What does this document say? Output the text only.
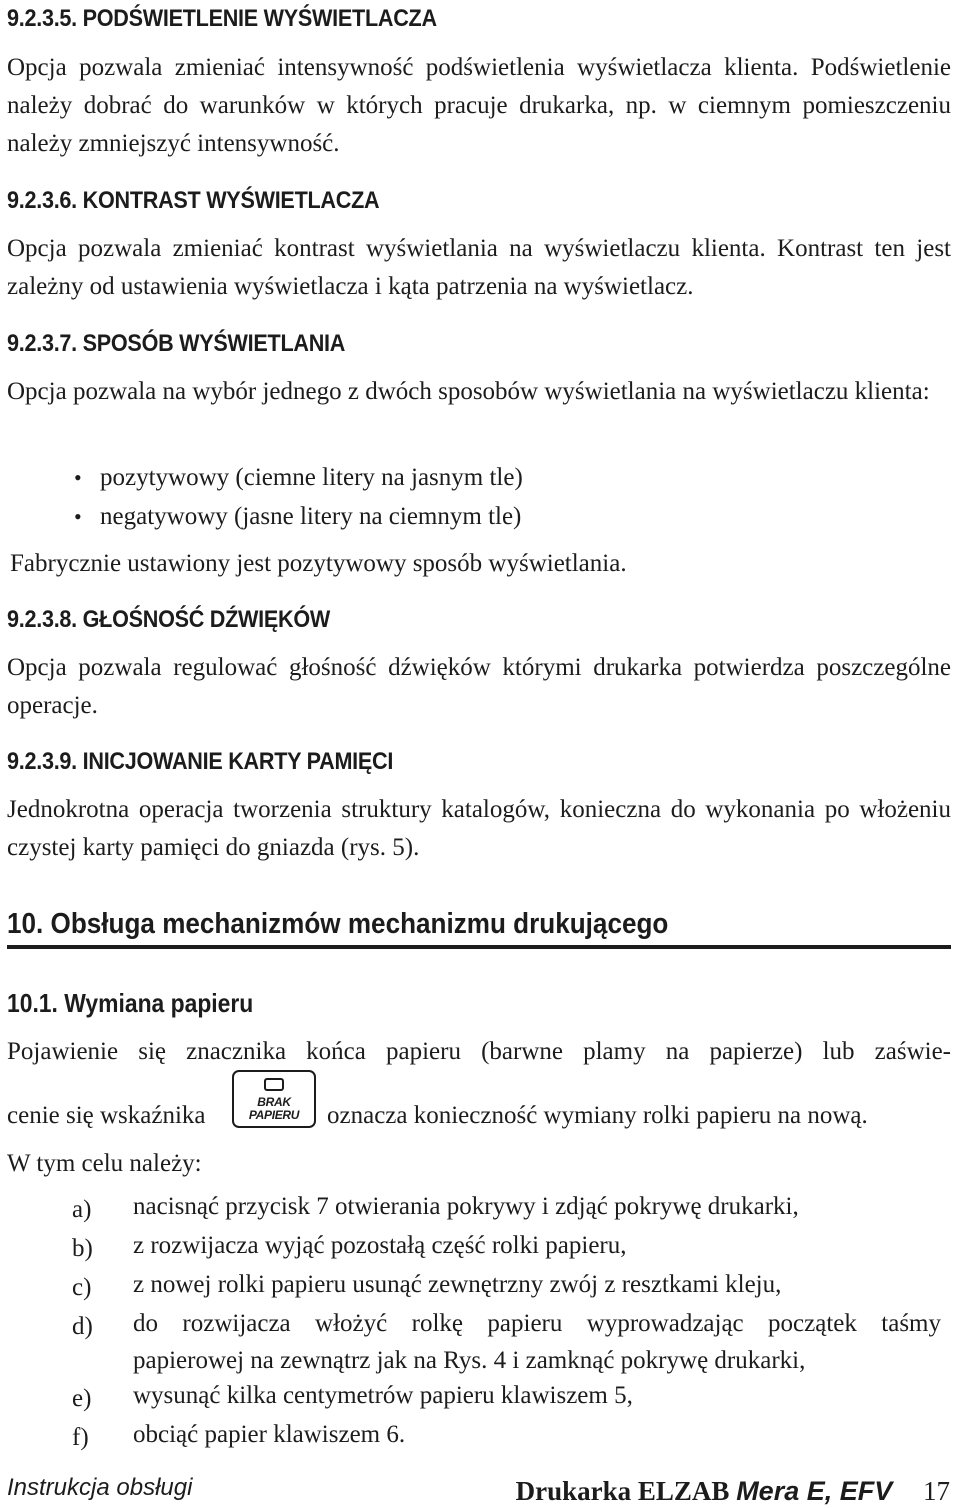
9.2.3.5. PODŚWIETLENIE WYŚWIETLACZA

Opcja pozwala zmieniać intensywność podświetlenia wyświetlacza klienta. Podświetlenie należy dobrać do warunków w których pracuje drukarka, np. w ciemnym pomieszczeniu należy zmniejszyć intensywność.

9.2.3.6. KONTRAST WYŚWIETLACZA

Opcja pozwala zmieniać kontrast wyświetlania na wyświetlaczu klienta. Kontrast ten jest zależny od ustawienia wyświetlacza i kąta patrzenia na wyświetlacz.

9.2.3.7. SPOSÓB WYŚWIETLANIA

Opcja pozwala na wybór jednego z dwóch sposobów wyświetlania na wyświetlaczu klienta:

• pozytywowy (ciemne litery na jasnym tle)
• negatywowy (jasne litery na ciemnym tle)

Fabrycznie ustawiony jest pozytywowy sposób wyświetlania.

9.2.3.8. GŁOŚNOŚĆ DŹWIĘKÓW

Opcja pozwala regulować głośność dźwięków którymi drukarka potwierdza poszczególne operacje.

9.2.3.9. INICJOWANIE KARTY PAMIĘCI

Jednokrotna operacja tworzenia struktury katalogów, konieczna do wykonania po włożeniu czystej karty pamięci do gniazda (rys. 5).

10. Obsługa mechanizmów mechanizmu drukującego
10.1. Wymiana papieru

Pojawienie się znacznika końca papieru (barwne plamy na papierze) lub zaświe-

cenie się wskaźnika	BRAK
PAPIERU	oznacza konieczność wymiany rolki papieru na nową.

W tym celu należy:

a) nacisnąć przycisk 7 otwierania pokrywy i zdjąć pokrywę drukarki,
b) z rozwijacza wyjąć pozostałą część rolki papieru,
c) z nowej rolki papieru usunąć zewnętrzny zwój z resztkami kleju,
d) do rozwijacza włożyć rolkę papieru wyprowadzając początek taśmy
papierowej na zewnątrz jak na Rys. 4 i zamknąć pokrywę drukarki,
e) wysunąć kilka centymetrów papieru klawiszem 5,
f) obciąć papier klawiszem 6.
Instrukcja obsługi	Drukarka ELZAB Mera E, EFV 17
